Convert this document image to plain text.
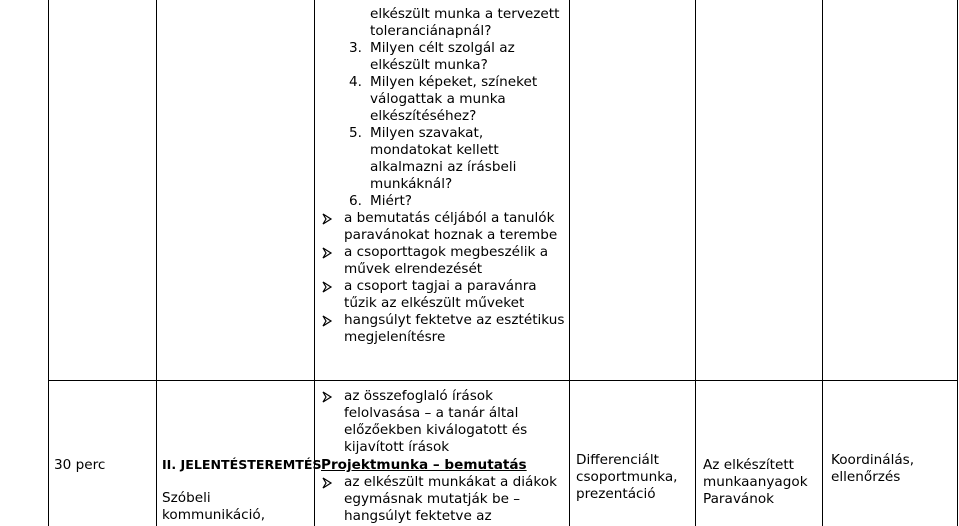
elkészült munka a tervezett
toleranciánapnál?
3. Milyen célt szolgál az
elkészült munka?
4. Milyen képeket, színeket
válogattak a munka
elkészítéséhez?
5. Milyen szavakat,
mondatokat kellett
alkalmazni az írásbeli
munkáknál?
6. Miért?
a bemutatás céljából a tanulók
paravánokat hoznak a terembe
a csoporttagok megbeszélik a
művek elrendezését
a csoport tagjai a paravánra
tűzik az elkészült műveket
hangsúlyt fektetve az esztétikus
megjelenítésre
az összefoglaló írások
felolvasása – a tanár által
előzőekben kiválogatott és
kijavított írások
30 perc	II. JELENTÉSTEREMTÉS
Szóbeli
kommunikáció,
Projektmunka – bemutatás
az elkészült munkákat a diákok
egymásnak mutatják be –
hangsúlyt fektetve az
Differenciált
csoportmunka,
prezentáció
Az elkészített
munkaanyagok
Paravánok
Koordinálás,
ellenőrzés
